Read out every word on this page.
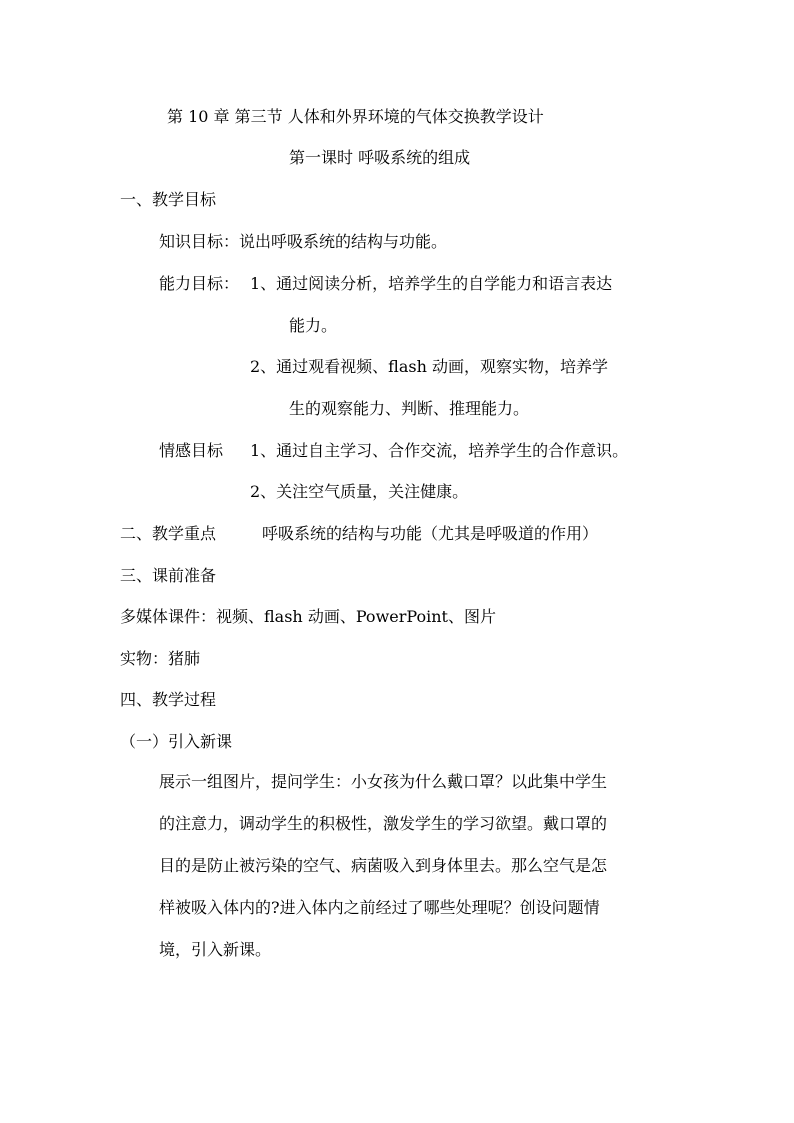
第 10 章 第三节 人体和外界环境的气体交换教学设计
第一课时 呼吸系统的组成
一、教学目标
知识目标：说出呼吸系统的结构与功能。
能力目标： 1、通过阅读分析，培养学生的自学能力和语言表达
能力。
2、通过观看视频、flash 动画，观察实物，培养学
生的观察能力、判断、推理能力。
情感目标 1、通过自主学习、合作交流，培养学生的合作意识。
2、关注空气质量，关注健康。
二、教学重点	呼吸系统的结构与功能（尤其是呼吸道的作用）
三、课前准备
多媒体课件：视频、flash 动画、PowerPoint、图片
实物：猪肺
四、教学过程
（一）引入新课
展示一组图片，提问学生：小女孩为什么戴口罩？以此集中学生
的注意力，调动学生的积极性，激发学生的学习欲望。戴口罩的
目的是防止被污染的空气、病菌吸入到身体里去。那么空气是怎
样被吸入体内的?进入体内之前经过了哪些处理呢？创设问题情
境，引入新课。
